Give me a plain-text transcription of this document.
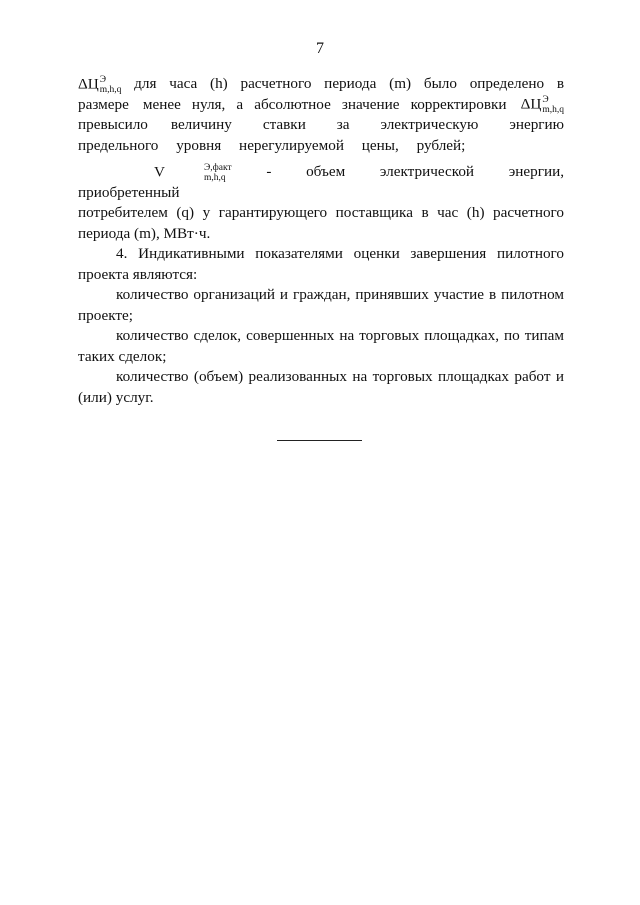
7

ΔЦ Э
m,h,q для часа (h) расчетного периода (m) было определено в размере менее нуля, а абсолютное значение корректировки ΔЦ Э
m,h,q
превысило величину ставки за электрическую энергию предельного уровня нерегулируемой цены, рублей;

V	Э,факт
m,h,q	- объем электрической энергии, приобретенный

потребителем (q) у гарантирующего поставщика в час (h) расчетного периода (m), МВт·ч.

4. Индикативными показателями оценки завершения пилотного проекта являются:

количество организаций и граждан, принявших участие в пилотном проекте;

количество сделок, совершенных на торговых площадках, по типам таких сделок;

количество (объем) реализованных на торговых площадках работ и (или) услуг.
